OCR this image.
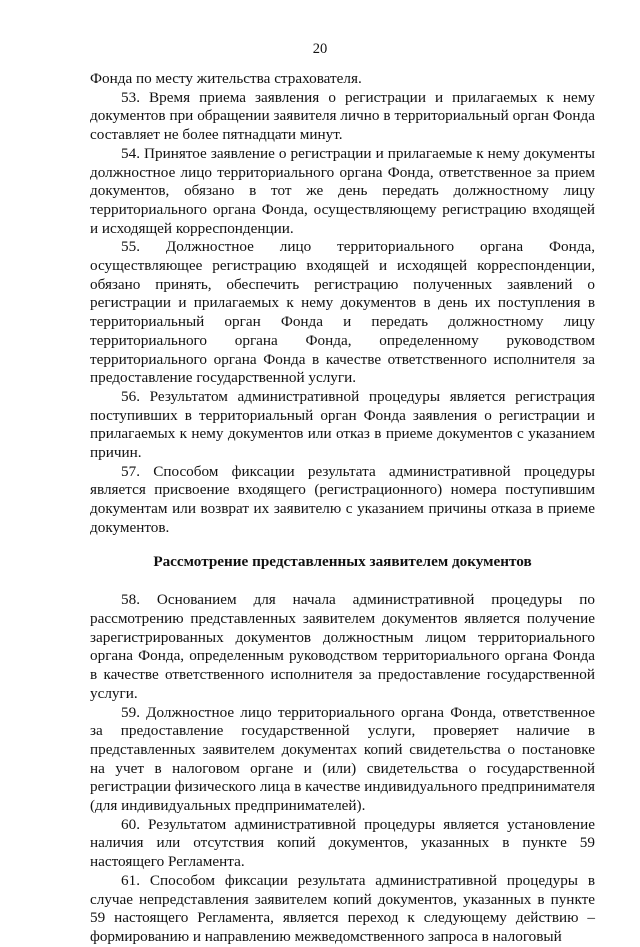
20

Фонда по месту жительства страхователя.

53. Время приема заявления о регистрации и прилагаемых к нему документов при обращении заявителя лично в территориальный орган Фонда составляет не более пятнадцати минут.

54. Принятое заявление о регистрации и прилагаемые к нему документы должностное лицо территориального органа Фонда, ответственное за прием документов, обязано в тот же день передать должностному лицу территориального органа Фонда, осуществляющему регистрацию входящей и исходящей корреспонденции.

55. Должностное лицо территориального органа Фонда, осуществляющее регистрацию входящей и исходящей корреспонденции, обязано принять, обеспечить регистрацию полученных заявлений о регистрации и прилагаемых к нему документов в день их поступления в территориальный орган Фонда и передать должностному лицу территориального органа Фонда, определенному руководством территориального органа Фонда в качестве ответственного исполнителя за предоставление государственной услуги.

56. Результатом административной процедуры является регистрация поступивших в территориальный орган Фонда заявления о регистрации и прилагаемых к нему документов или отказ в приеме документов с указанием причин.

57. Способом фиксации результата административной процедуры является присвоение входящего (регистрационного) номера поступившим документам или возврат их заявителю с указанием причины отказа в приеме документов.

Рассмотрение представленных заявителем документов

58. Основанием для начала административной процедуры по рассмотрению представленных заявителем документов является получение зарегистрированных документов должностным лицом территориального органа Фонда, определенным руководством территориального органа Фонда в качестве ответственного исполнителя за предоставление государственной услуги.

59. Должностное лицо территориального органа Фонда, ответственное за предоставление государственной услуги, проверяет наличие в представленных заявителем документах копий свидетельства о постановке на учет в налоговом органе и (или) свидетельства о государственной регистрации физического лица в качестве индивидуального предпринимателя (для индивидуальных предпринимателей).

60. Результатом административной процедуры является установление наличия или отсутствия копий документов, указанных в пункте 59 настоящего Регламента.

61. Способом фиксации результата административной процедуры в случае непредставления заявителем копий документов, указанных в пункте 59 настоящего Регламента, является переход к следующему действию – формированию и направлению межведомственного запроса в налоговый
